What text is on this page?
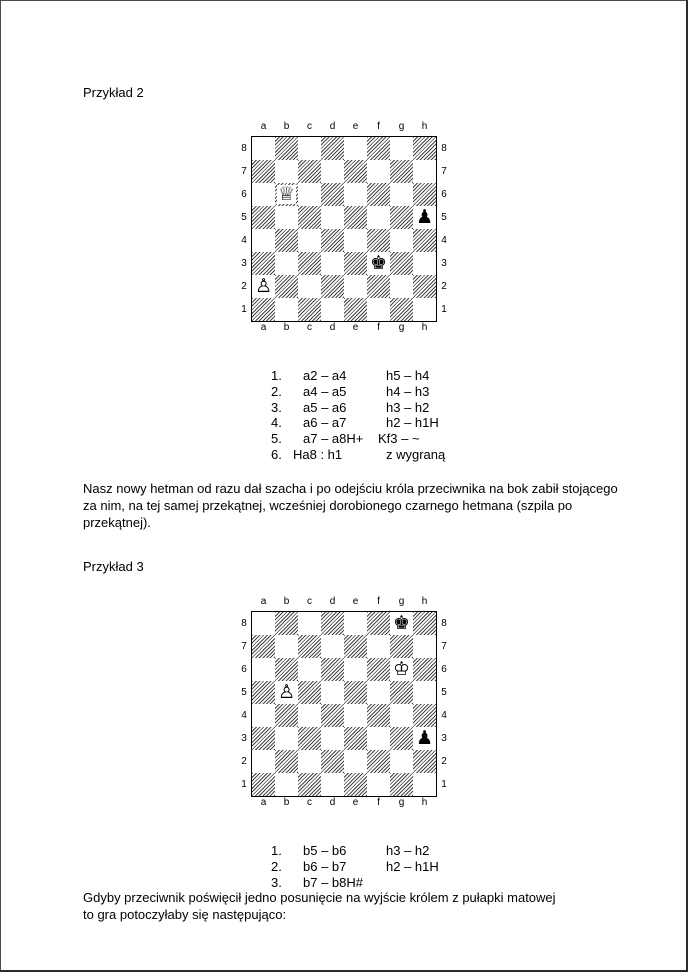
Przykład 2
a	b	c	d	e	f	g	h
8
7
6
5
4
3
2
1
♕
♟
♚
♙
8
7
6
5
4
3
2
1
a	b	c	d	e	f	g	h
1. a2 – a4	h5 – h4
2. a4 – a5	h4 – h3
3. a5 – a6	h3 – h2
4. a6 – a7	h2 – h1H
5. a7 – a8H+ Kf3 – ~
6. Ha8 : h1	z wygraną
Nasz nowy hetman od razu dał szacha i po odejściu króla przeciwnika na bok zabił stojącego za nim, na tej samej przekątnej, wcześniej dorobionego czarnego hetmana (szpila po przekątnej).
Przykład 3
a	b	c	d	e	f	g	h
8
7
6
5
4
3
2
1
♚
♔
♙
♟
8
7
6
5
4
3
2
1
a	b	c	d	e	f	g	h
1. b5 – b6	h3 – h2
2. b6 – b7	h2 – h1H
3. b7 – b8H#
Gdyby przeciwnik poświęcił jedno posunięcie na wyjście królem z pułapki matowej
to gra potoczyłaby się następująco:
